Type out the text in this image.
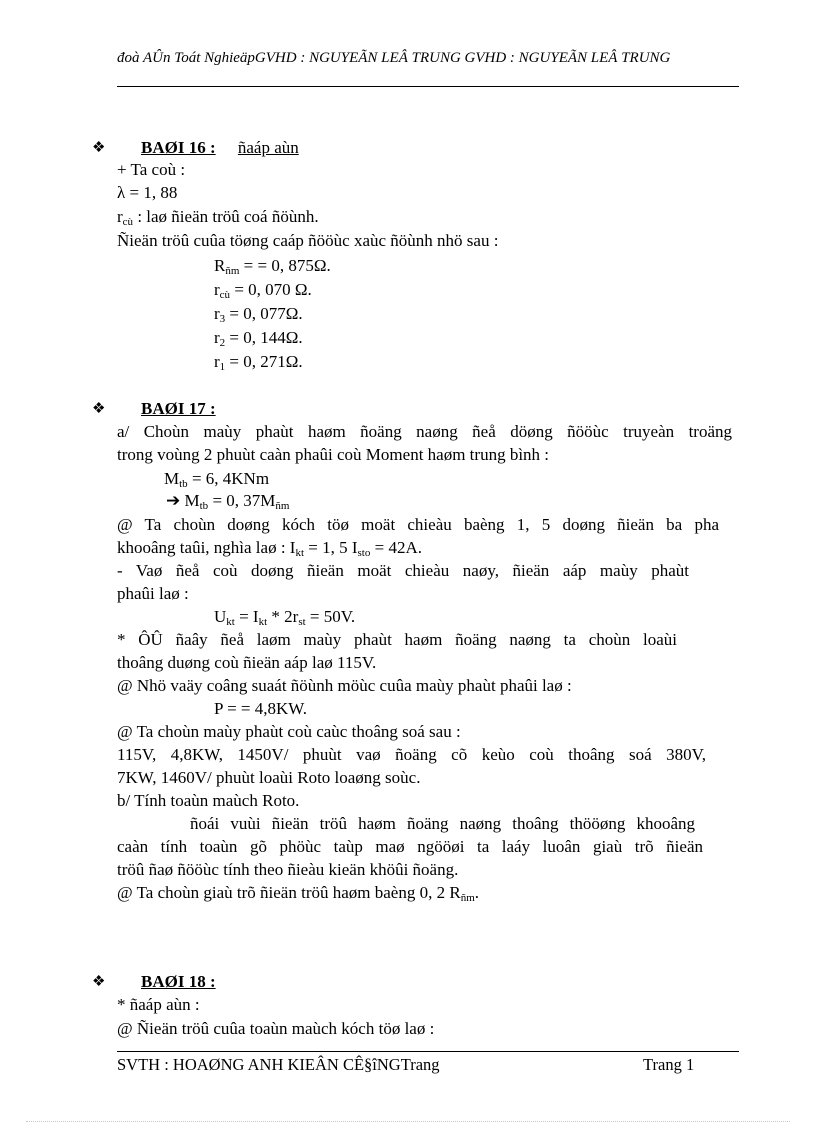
đoà AÛn Toát NghieäpGVHD : NGUYEÃN LEÂ TRUNG GVHD : NGUYEÃN LEÂ TRUNG
❖ BAØI 16 : ñaáp aùn
+ Ta coù :
λ = 1, 88
$r_{cù}$ : laø ñieän tröû coá ñöùnh.
Ñieän tröû cuûa töøng caáp ñööùc xaùc ñöùnh nhö sau :
$R_{ñm}$ = = 0, 875Ω.
$r_{cù} = 0$, 070 Ω.
$r_3 = 0$, 077Ω.
$r_2 = 0$, 144Ω.
$r_1 = 0$, 271Ω.
❖ BAØI 17 :
a/ Choùn maùy phaùt haøm ñoäng naøng ñeå döøng ñööùc truyeàn troäng
trong voùng 2 phuùt caàn phaûi coù Moment haøm trung bình :
$M_{tb} = 6$, 4KNm
➔ $M_{tb} = 0$, $37M_{ñm}$
@ Ta choùn doøng kóch töø moät chieàu baèng 1, 5 doøng ñieän ba pha
khooâng taûi, nghìa laø : $I_{kt} = 1$, 5 $I_{sto} = 42A$.
- Vaø ñeå coù doøng ñieän moät chieàu naøy, ñieän aáp maùy phaùt
phaûi laø :
$U_{kt} = I_{kt} * 2r_{st} = 50V$.
* ÔÛ ñaây ñeå laøm maùy phaùt haøm ñoäng naøng ta choùn loaùi
thoâng duøng coù ñieän aáp laø 115V.
@ Nhö vaäy coâng suaát ñöùnh möùc cuûa maùy phaùt phaûi laø :
P = = 4,8KW.
@ Ta choùn maùy phaùt coù caùc thoâng soá sau :
115V, 4,8KW, 1450V/ phuùt vaø ñoäng cõ keùo coù thoâng soá 380V,
7KW, 1460V/ phuùt loaùi Roto loaøng soùc.
b/ Tính toaùn maùch Roto.
ñoái vuùi ñieän tröû haøm ñoäng naøng thoâng thööøng khooâng
caàn tính toaùn gõ phöùc taùp maø ngööøi ta laáy luoân giaù trõ ñieän
tröû ñaø ñööùc tính theo ñieàu kieän khöûi ñoäng.
@ Ta choùn giaù trõ ñieän tröû haøm baèng 0, 2 $R_{ñm}$.
❖ BAØI 18 :
* ñaáp aùn :
@ Ñieän tröû cuûa toaùn maùch kóch töø laø :
SVTH : HOAØNG ANH KIEÂN CÊ§îNGTrang	Trang 1
